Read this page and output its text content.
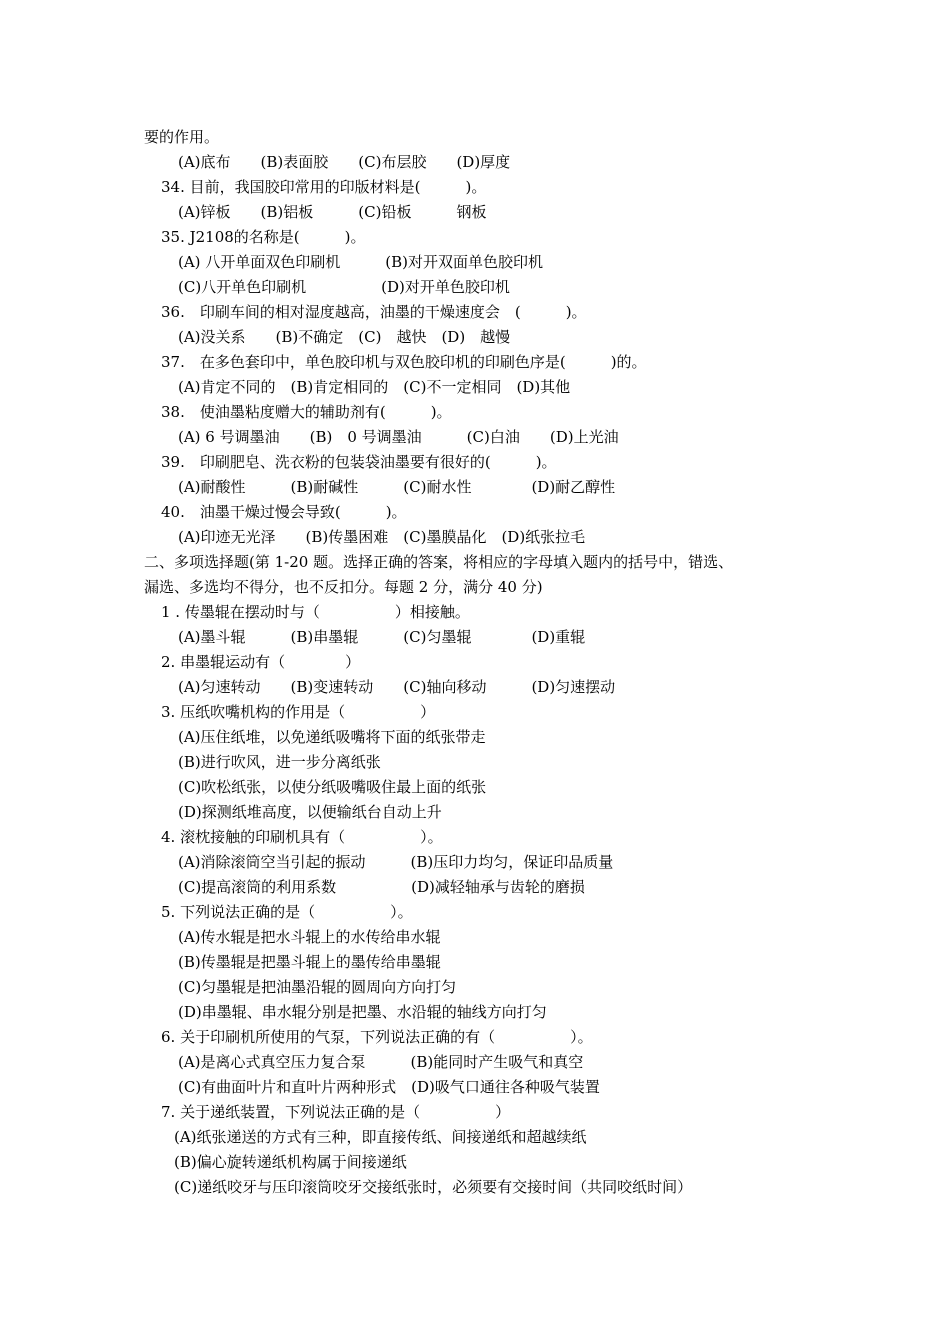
要的作用。
(A)底布　　(B)表面胶　　(C)布层胶　　(D)厚度
34. 目前，我国胶印常用的印版材料是(　　　)。
(A)锌板　　(B)铝板　　　(C)铅板　　　钢板
35. J2108的名称是(　　　)。
(A) 八开单面双色印刷机　　　(B)对开双面单色胶印机
(C)八开单色印刷机　　　　　(D)对开单色胶印机
36.　印刷车间的相对湿度越高，油墨的干燥速度会　(　　　)。
(A)没关系　　(B)不确定　(C)　越快　(D)　越慢
37.　在多色套印中，单色胶印机与双色胶印机的印刷色序是(　　　)的。
(A)肯定不同的　(B)肯定相同的　(C)不一定相同　(D)其他
38.　使油墨粘度赠大的辅助剂有(　　　)。
(A) 6 号调墨油　　(B)　0 号调墨油　　　(C)白油　　(D)上光油
39.　印刷肥皂、洗衣粉的包装袋油墨要有很好的(　　　)。
(A)耐酸性　　　(B)耐碱性　　　(C)耐水性　　　　(D)耐乙醇性
40.　油墨干燥过慢会导致(　　　)。
(A)印迹无光泽　　(B)传墨困难　(C)墨膜晶化　(D)纸张拉毛
二、多项选择题(第 1-20 题。选择正确的答案，将相应的字母填入题内的括号中，错选、
漏选、多选均不得分，也不反扣分。每题 2 分，满分 40 分)
1 . 传墨辊在摆动时与（　　　　　）相接触。
(A)墨斗辊　　　(B)串墨辊　　　(C)匀墨辊　　　　(D)重辊
2. 串墨辊运动有（　　　　）
(A)匀速转动　　(B)变速转动　　(C)轴向移动　　　(D)匀速摆动
3. 压纸吹嘴机构的作用是（　　　　　）
(A)压住纸堆，以免递纸吸嘴将下面的纸张带走
(B)进行吹风，进一步分离纸张
(C)吹松纸张，以使分纸吸嘴吸住最上面的纸张
(D)探测纸堆高度，以便输纸台自动上升
4. 滚枕接触的印刷机具有（　　　　　）。
(A)消除滚筒空当引起的振动　　　(B)压印力均匀，保证印品质量
(C)提高滚筒的利用系数　　　　　(D)减轻轴承与齿轮的磨损
5. 下列说法正确的是（　　　　　）。
(A)传水辊是把水斗辊上的水传给串水辊
(B)传墨辊是把墨斗辊上的墨传给串墨辊
(C)匀墨辊是把油墨沿辊的圆周向方向打匀
(D)串墨辊、串水辊分别是把墨、水沿辊的轴线方向打匀
6. 关于印刷机所使用的气泵，下列说法正确的有（　　　　　）。
(A)是离心式真空压力复合泵　　　(B)能同时产生吸气和真空
(C)有曲面叶片和直叶片两种形式　(D)吸气口通往各种吸气装置
7. 关于递纸装置，下列说法正确的是（　　　　　）
(A)纸张递送的方式有三种，即直接传纸、间接递纸和超越续纸
(B)偏心旋转递纸机构属于间接递纸
(C)递纸咬牙与压印滚筒咬牙交接纸张时，必须要有交接时间（共同咬纸时间）
